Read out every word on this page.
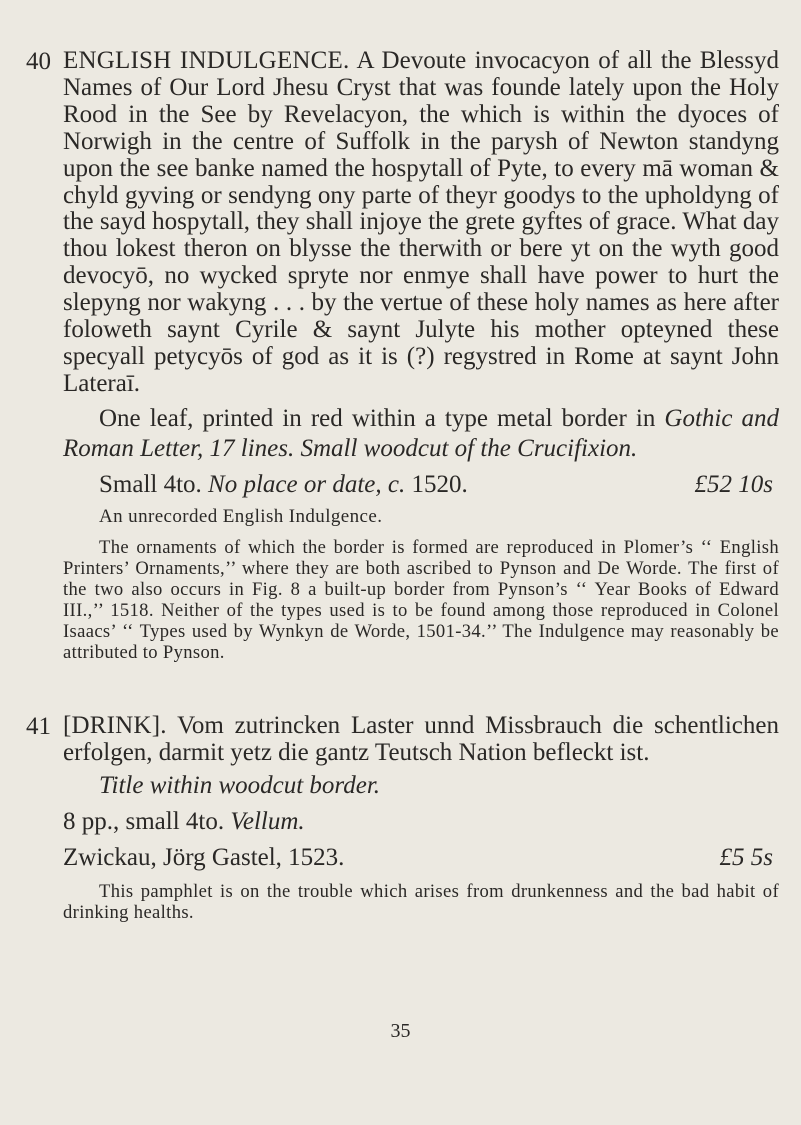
40 ENGLISH INDULGENCE. A Devoute invocacyon of all the Blessyd Names of Our Lord Jhesu Cryst that was founde lately upon the Holy Rood in the See by Revelacyon, the which is within the dyoces of Norwigh in the centre of Suffolk in the parysh of Newton standyng upon the see banke named the hospytall of Pyte, to every mā woman & chyld gyving or sendyng ony parte of theyr goodys to the upholdyng of the sayd hospytall, they shall injoye the grete gyftes of grace. What day thou lokest theron on blysse the therwith or bere yt on the wyth good devocyō, no wycked spryte nor enmye shall have power to hurt the slepyng nor wakyng . . . by the vertue of these holy names as here after foloweth saynt Cyrile & saynt Julyte his mother opteyned these specyall petycyōs of god as it is (?) regystred in Rome at saynt John Lateraī.

One leaf, printed in red within a type metal border in Gothic and Roman Letter, 17 lines. Small woodcut of the Crucifixion.

Small 4to. No place or date, c. 1520.	£52 10s

An unrecorded English Indulgence.

The ornaments of which the border is formed are reproduced in Plomer’s ‘‘ English Printers’ Ornaments,’’ where they are both ascribed to Pynson and De Worde. The first of the two also occurs in Fig. 8 a built-up border from Pynson’s ‘‘ Year Books of Edward III.,’’ 1518. Neither of the types used is to be found among those reproduced in Colonel Isaacs’ ‘‘ Types used by Wynkyn de Worde, 1501-34.’’ The Indulgence may reasonably be attributed to Pynson.

41 [DRINK]. Vom zutrincken Laster unnd Missbrauch die schentlichen erfolgen, darmit yetz die gantz Teutsch Nation befleckt ist.

Title within woodcut border.

8 pp., small 4to. Vellum.

Zwickau, Jörg Gastel, 1523.	£5 5s

This pamphlet is on the trouble which arises from drunkenness and the bad habit of drinking healths.

35
